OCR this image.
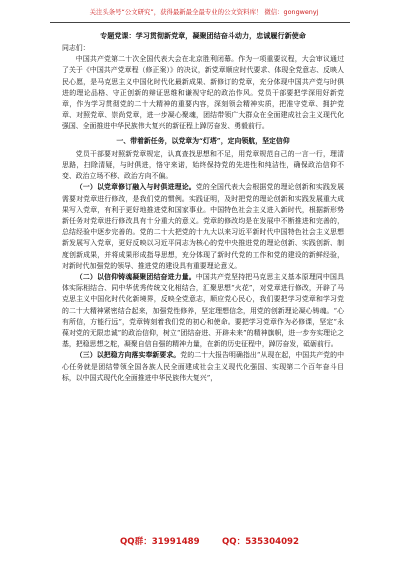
关注头条号“公文研究”，获得最新最全最专业的公文资料库！ 微信：gongwenyj
专题党课：学习贯彻新党章，凝聚团结奋斗动力，忠诚履行新使命
同志们：

中国共产党第二十次全国代表大会在北京胜利闭幕。作为一项重要议程，大会审议通过了关于《中国共产党章程（修正案）》的决议，新党章顺应时代要求、体现全党意志、反映人民心愿，是马克思主义中国化时代化最新成果、新修订的党章，充分体现中国共产党与时俱进的理论品格、守正创新的辩证思维和谦视守纪的政治作风。党员干部要把学深用好新党章，作为学习贯彻党的二十大精神的重要内容，深刻领会精神实质，把准守党章、拥护党章、对照党章、崇尚党章，进一步凝心聚魂，团结带领广大群众在全面建成社会主义现代化强国、全面推进中华民族伟大复兴的新征程上踔厉奋发、勇毅前行。

一、带着新任务，以党章为“灯塔”，定向领航，坚定信仰

党员干部要对照新党章规定，认真查找思想和不足，用党章规范自己的一言一行，理清思路，扫除清疑，与时俱进，恪守来诺，始终保持党的先进性和纯洁性，确保政治信仰不变、政治立场不移、政治方向不偏。

（一）以党章修订融入与时俱进理论。党的全国代表大会根据党的理论创新和实践发展需要对党章进行修改，是我们党的惯例。实践证明，及时把党的理论创新和实践发展重大成果写入党章，有利于更好地推进党和国家事业。中国特色社会主义进入新时代，根据新形势新任务对党章进行修改具有十分重大的意义。党章的修改均是在发展中不断推进和完善的，总结经验中逐步完善的。党的二十大把党的十九大以来习近平新时代中国特色社会主义思想新发展写入党章，更好反映以习近平同志为核心的党中央推进党的理论创新、实践创新、制度创新成果，并将成果形成指导思想，充分体现了新时代党的工作和党的建设的新鲜经验，对新时代加强党的领导、推进党的建设具有重要理论意义。

（二）以信仰铸魂凝聚团结奋进力量。中国共产党坚持把马克思主义基本原理同中国具体实际相结合、同中华优秀传统文化相结合，汇聚思想“火花”，对党章进行修改，开辟了马克思主义中国化时代化新境界，反映全党意志，顺应党心民心，我们要把学习党章和学习党的二十大精神紧密结合起来，加强党性修养，坚定理想信念，用党的创新理论凝心铸魂。“心有所信，方能行远”，党章铸刻着我们党的初心和使命。要把学习党章作为必修课，坚定“永葆对党的无限忠诚”的政治信仰，树立“团结奋进、开辟未来”的精神旗帜，进一步夯实理论之基，把稳思想之舵，凝聚自信自强的精神力量，在新的历史征程中，踔厉奋发，砥砺前行。

（三）以把稳方向落实奉新要求。党的二十大报告明确指出“从现在起，中国共产党的中心任务就是团结带领全国各族人民全面建成社会主义现代化强国、实现第二个百年奋斗目标，以中国式现代化全面推进中华民族伟大复兴”，

QQ群：31991489	QQ：535304092
